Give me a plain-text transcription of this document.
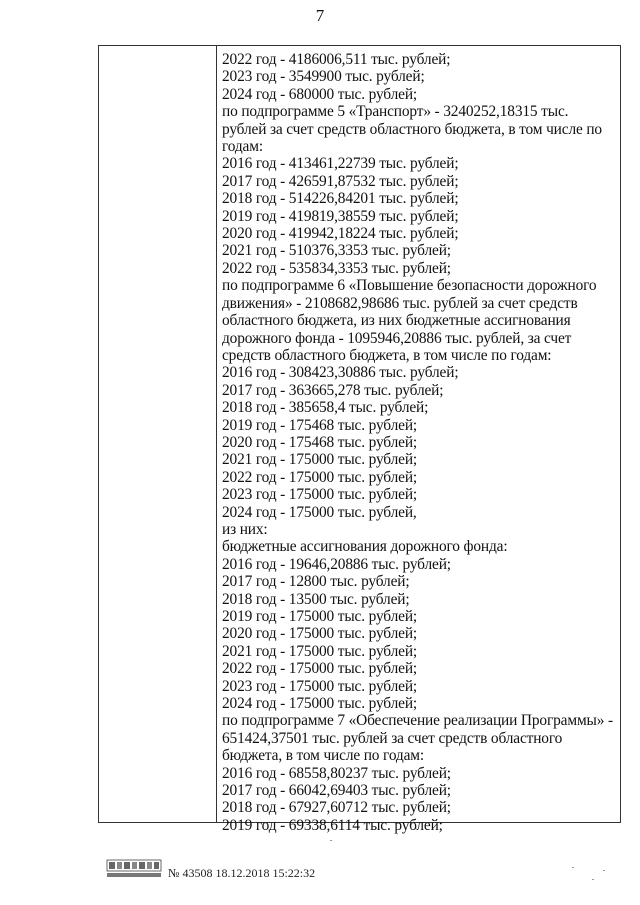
7
2022 год - 4186006,511 тыс. рублей;
2023 год - 3549900 тыс. рублей;
2024 год - 680000 тыс. рублей;
по подпрограмме 5 «Транспорт» - 3240252,18315 тыс.
рублей за счет средств областного бюджета, в том числе по
годам:
2016 год - 413461,22739 тыс. рублей;
2017 год - 426591,87532 тыс. рублей;
2018 год - 514226,84201 тыс. рублей;
2019 год - 419819,38559 тыс. рублей;
2020 год - 419942,18224 тыс. рублей;
2021 год - 510376,3353 тыс. рублей;
2022 год - 535834,3353 тыс. рублей;
по подпрограмме 6 «Повышение безопасности дорожного
движения» - 2108682,98686 тыс. рублей за счет средств
областного бюджета, из них бюджетные ассигнования
дорожного фонда - 1095946,20886 тыс. рублей, за счет
средств областного бюджета, в том числе по годам:
2016 год - 308423,30886 тыс. рублей;
2017 год - 363665,278 тыс. рублей;
2018 год - 385658,4 тыс. рублей;
2019 год - 175468 тыс. рублей;
2020 год - 175468 тыс. рублей;
2021 год - 175000 тыс. рублей;
2022 год - 175000 тыс. рублей;
2023 год - 175000 тыс. рублей;
2024 год - 175000 тыс. рублей,
из них:
бюджетные ассигнования дорожного фонда:
2016 год - 19646,20886 тыс. рублей;
2017 год - 12800 тыс. рублей;
2018 год - 13500 тыс. рублей;
2019 год - 175000 тыс. рублей;
2020 год - 175000 тыс. рублей;
2021 год - 175000 тыс. рублей;
2022 год - 175000 тыс. рублей;
2023 год - 175000 тыс. рублей;
2024 год - 175000 тыс. рублей;
по подпрограмме 7 «Обеспечение реализации Программы» -
651424,37501 тыс. рублей за счет средств областного
бюджета, в том числе по годам:
2016 год - 68558,80237 тыс. рублей;
2017 год - 66042,69403 тыс. рублей;
2018 год - 67927,60712 тыс. рублей;
2019 год - 69338,6114 тыс. рублей;
№ 43508 18.12.2018 15:22:32
